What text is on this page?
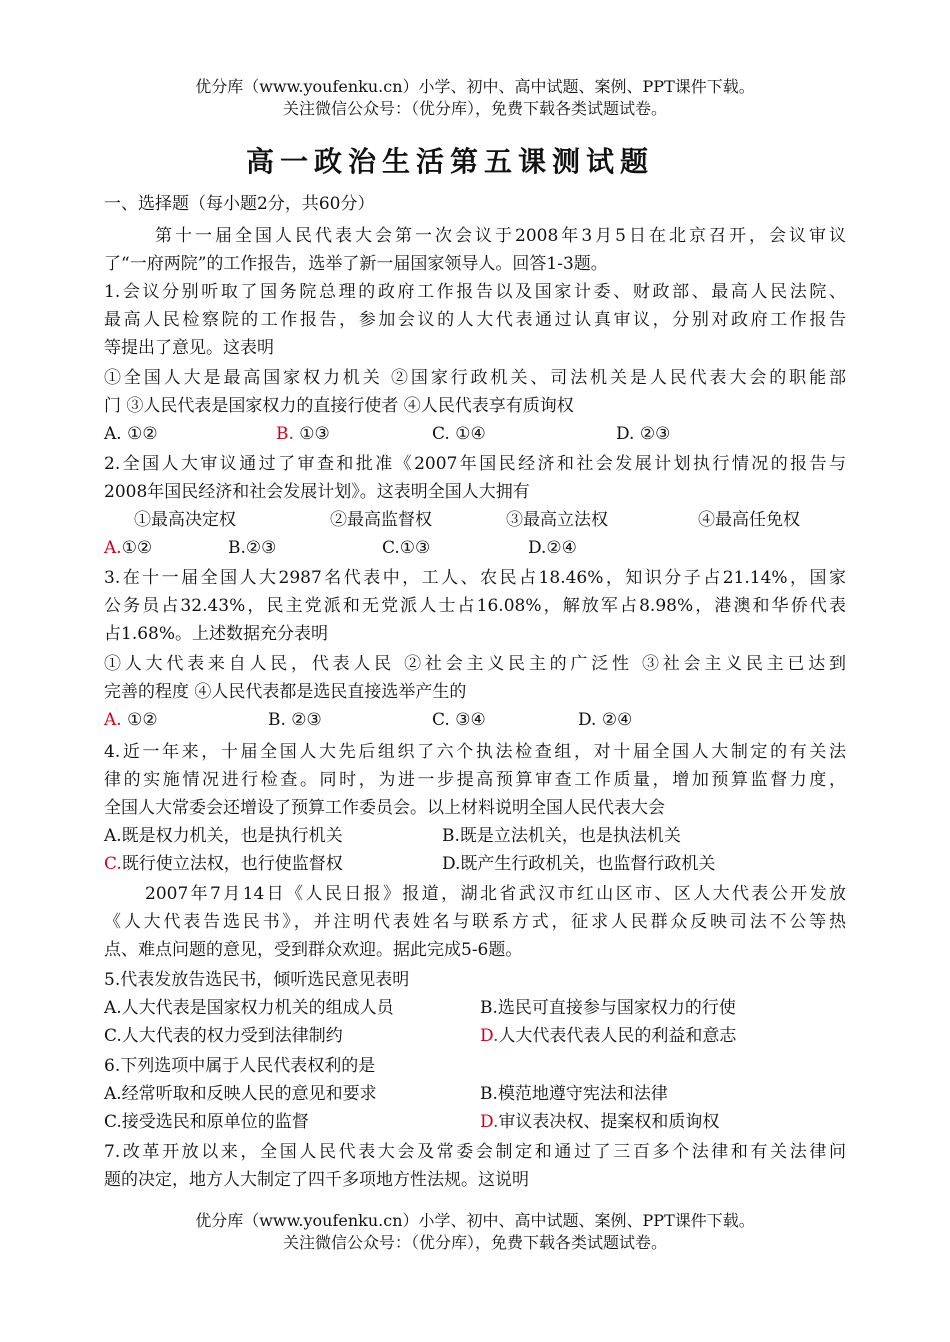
优分库（www.youfenku.cn）小学、初中、高中试题、案例、PPT课件下载。
关注微信公众号：（优分库），免费下载各类试题试卷。
高一政治生活第五课测试题
一、选择题（每小题2分，共60分）
第十一届全国人民代表大会第一次会议于2008年3月5日在北京召开，会议审议
了“一府两院”的工作报告，选举了新一届国家领导人。回答1-3题。
1.会议分别听取了国务院总理的政府工作报告以及国家计委、财政部、最高人民法院、
最高人民检察院的工作报告，参加会议的人大代表通过认真审议，分别对政府工作报告
等提出了意见。这表明
①全国人大是最高国家权力机关 ②国家行政机关、司法机关是人民代表大会的职能部
门 ③人民代表是国家权力的直接行使者 ④人民代表享有质询权
A. ①②	B. ①③	C. ①④	D. ②③
2.全国人大审议通过了审查和批准《2007年国民经济和社会发展计划执行情况的报告与
2008年国民经济和社会发展计划》。这表明全国人大拥有
①最高决定权	②最高监督权	③最高立法权	④最高任免权
A.①②	B.②③	C.①③	D.②④
3.在十一届全国人大2987名代表中，工人、农民占18.46%，知识分子占21.14%，国家
公务员占32.43%，民主党派和无党派人士占16.08%，解放军占8.98%，港澳和华侨代表
占1.68%。上述数据充分表明
①人大代表来自人民，代表人民 ②社会主义民主的广泛性 ③社会主义民主已达到
完善的程度 ④人民代表都是选民直接选举产生的
A. ①②	B. ②③	C. ③④	D. ②④
4.近一年来，十届全国人大先后组织了六个执法检查组，对十届全国人大制定的有关法
律的实施情况进行检查。同时，为进一步提高预算审查工作质量，增加预算监督力度，
全国人大常委会还增设了预算工作委员会。以上材料说明全国人民代表大会
A.既是权力机关，也是执行机关	B.既是立法机关，也是执法机关
C.既行使立法权，也行使监督权	D.既产生行政机关，也监督行政机关
2007年7月14日《人民日报》报道，湖北省武汉市红山区市、区人大代表公开发放
《人大代表告选民书》，并注明代表姓名与联系方式，征求人民群众反映司法不公等热
点、难点问题的意见，受到群众欢迎。据此完成5-6题。
5.代表发放告选民书，倾听选民意见表明
A.人大代表是国家权力机关的组成人员	B.选民可直接参与国家权力的行使
C.人大代表的权力受到法律制约	D.人大代表代表人民的利益和意志
6.下列选项中属于人民代表权利的是
A.经常听取和反映人民的意见和要求	B.模范地遵守宪法和法律
C.接受选民和原单位的监督	D.审议表决权、提案权和质询权
7.改革开放以来，全国人民代表大会及常委会制定和通过了三百多个法律和有关法律问
题的决定，地方人大制定了四千多项地方性法规。这说明
优分库（www.youfenku.cn）小学、初中、高中试题、案例、PPT课件下载。
关注微信公众号：（优分库），免费下载各类试题试卷。
